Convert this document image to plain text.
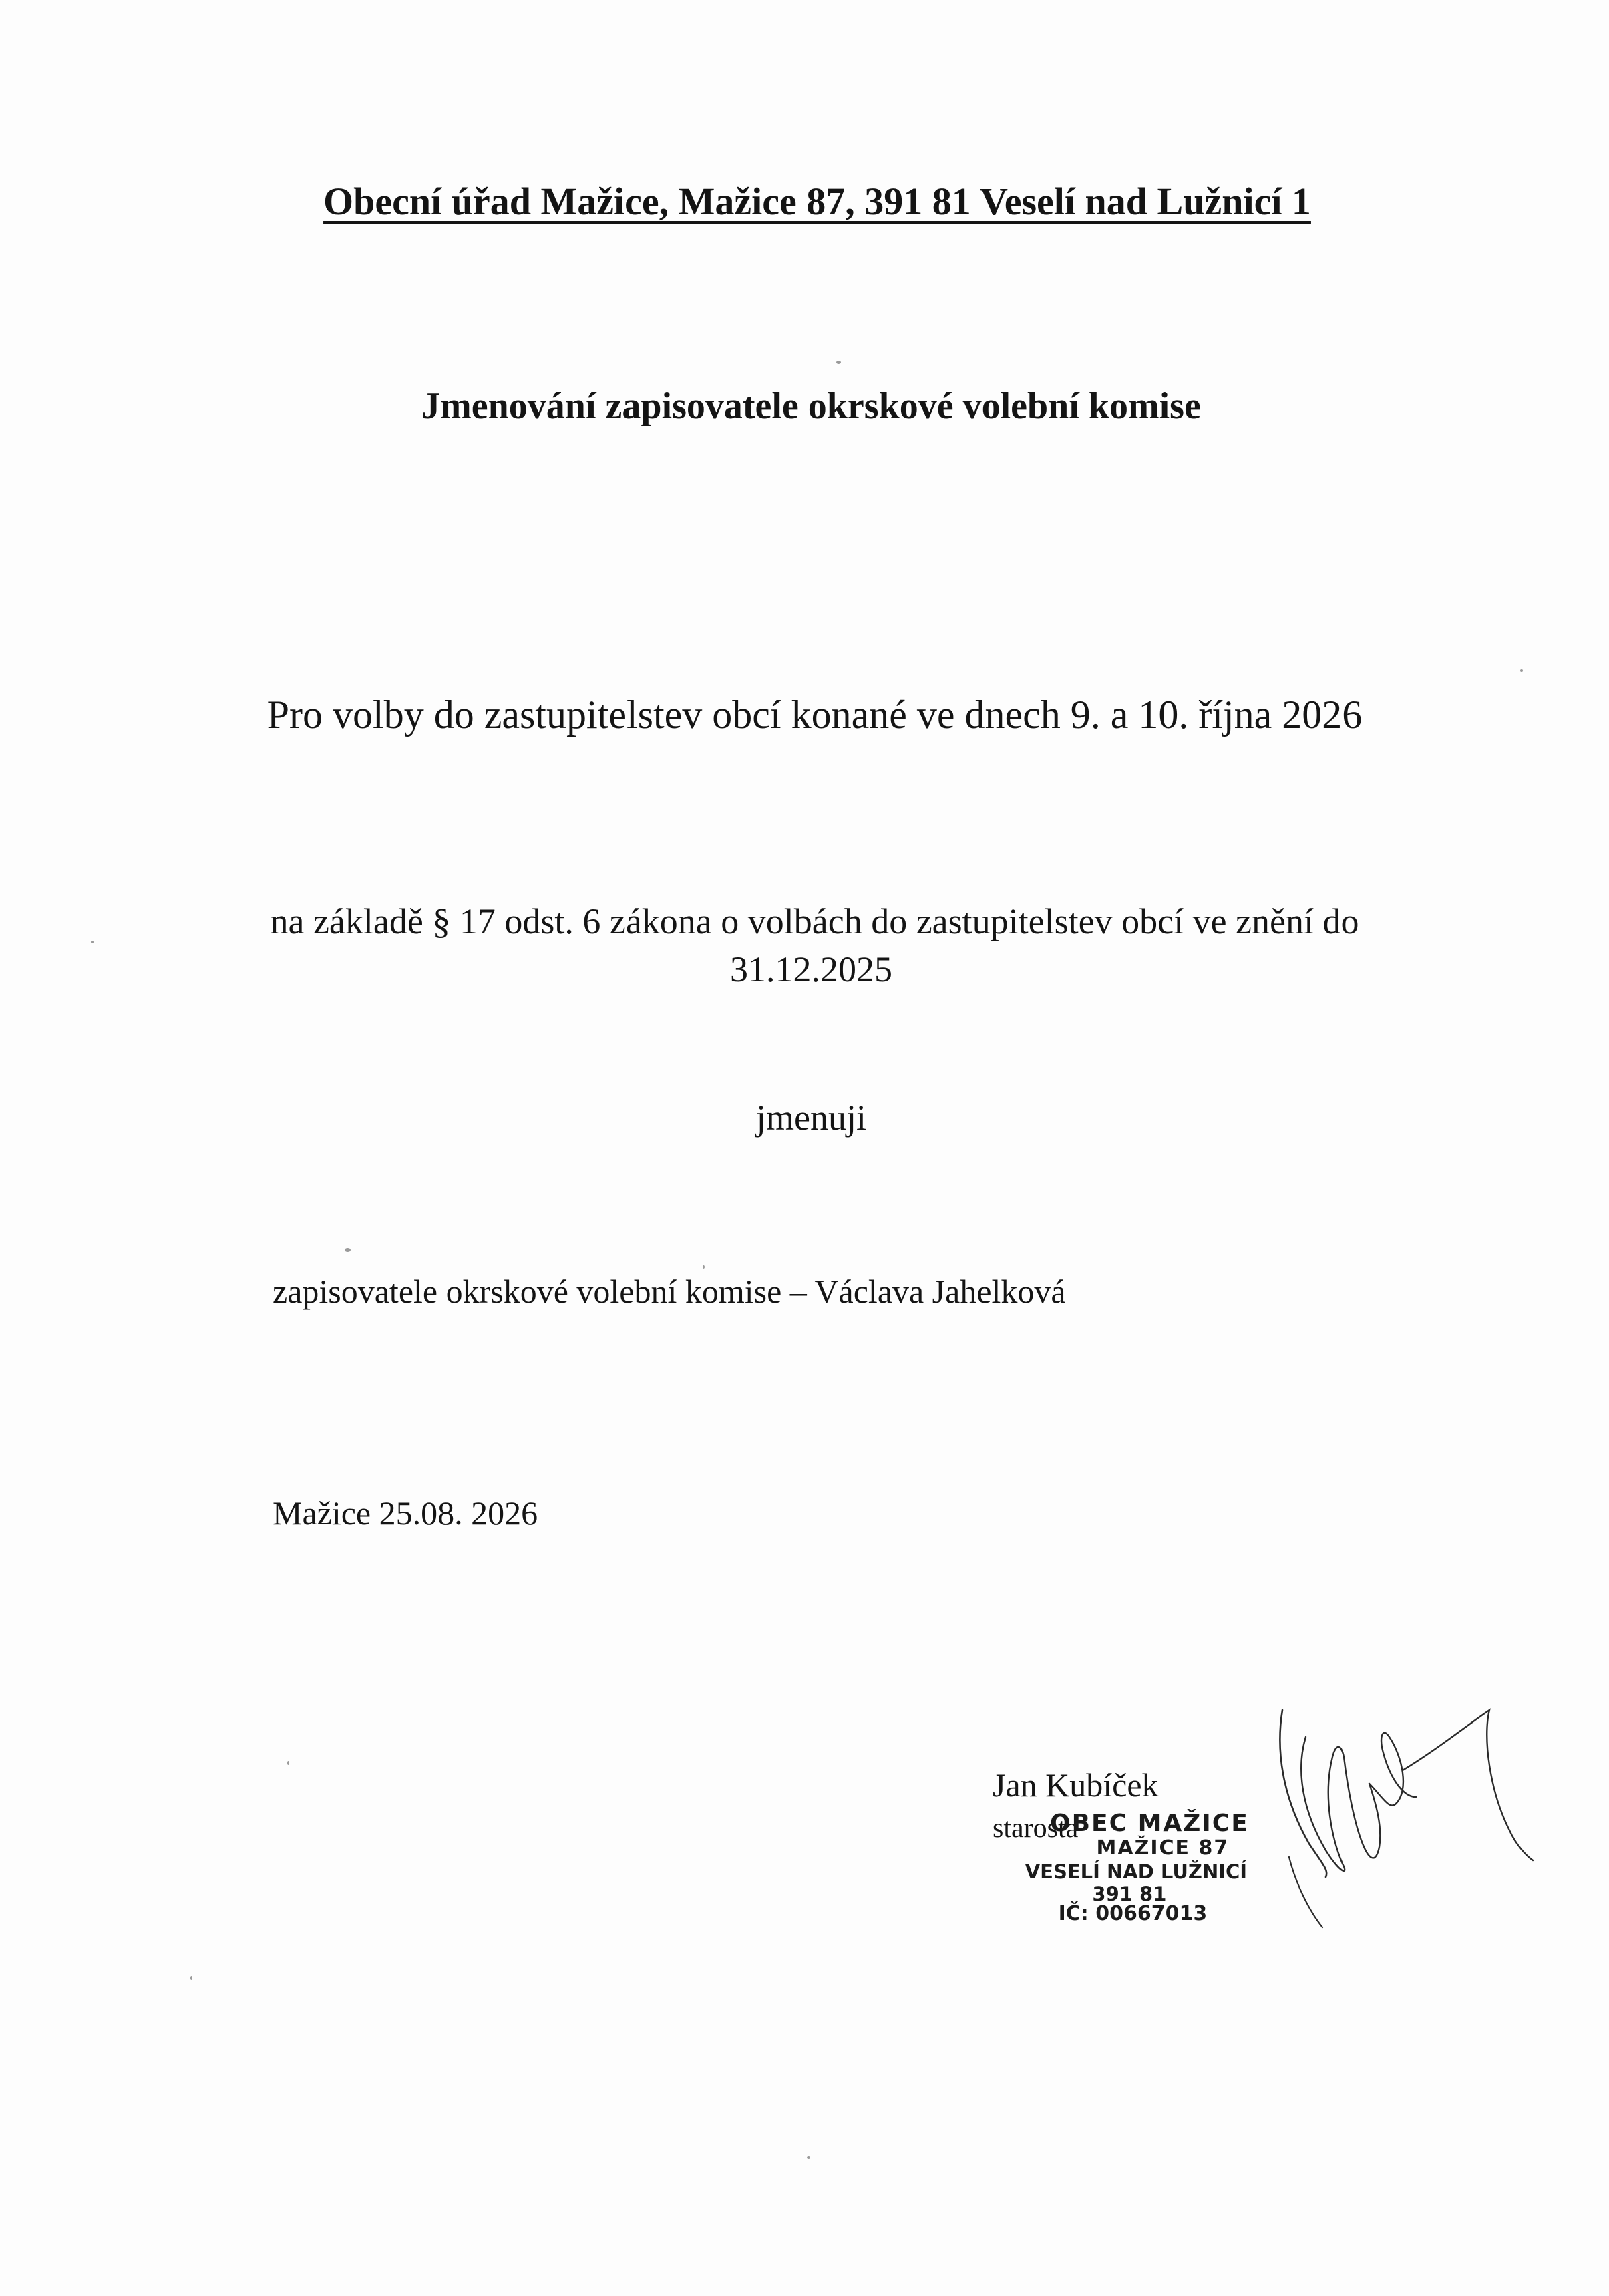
Obecní úřad Mažice, Mažice 87, 391 81 Veselí nad Lužnicí 1

Jmenování zapisovatele okrskové volební komise

Pro volby do zastupitelstev obcí konané ve dnech 9. a 10. října 2026

na základě § 17 odst. 6 zákona o volbách do zastupitelstev obcí ve znění do

31.12.2025

jmenuji

zapisovatele okrskové volební komise – Václava Jahelková

Mažice 25.08. 2026

Jan Kubíček

starosta

OBEC MAŽICE
MAŽICE 87
VESELÍ NAD LUŽNICÍ
391 81
IČ: 00667013
